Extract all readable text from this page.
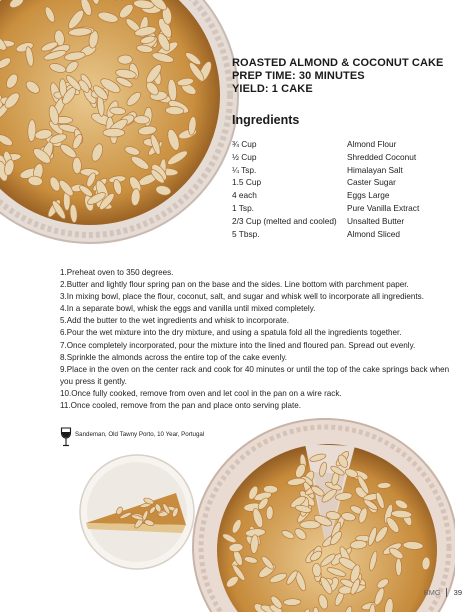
ROASTED ALMOND & COCONUT CAKE
PREP TIME: 30 MINUTES
YIELD: 1 CAKE
Ingredients
¾ Cup	Almond Flour
½ Cup	Shredded Coconut
¼ Tsp.	Himalayan Salt
1.5 Cup	Caster Sugar
4 each	Eggs Large
1 Tsp.	Pure Vanilla Extract
2/3 Cup (melted and cooled)	Unsalted Butter
5 Tbsp.	Almond Sliced
1.Preheat oven to 350 degrees.
2.Butter and lightly flour spring pan on the base and the sides. Line bottom with parchment paper.
3.In mixing bowl, place the flour, coconut, salt, and sugar and whisk well to incorporate all ingredients.
4.In a separate bowl, whisk the eggs and vanilla until mixed completely.
5.Add the butter to the wet ingredients and whisk to incorporate.
6.Pour the wet mixture into the dry mixture, and using a spatula fold all the ingredients together.
7.Once completely incorporated, pour the mixture into the lined and floured pan. Spread out evenly.
8.Sprinkle the almonds across the entire top of the cake evenly.
9.Place in the oven on the center rack and cook for 40 minutes or until the top of the cake springs back when you press it gently.
10.Once fully cooked, remove from oven and let cool in the pan on a wire rack.
11.Once cooled, remove from the pan and place onto serving plate.
Sandeman, Old Tawny Porto, 10 Year, Portugal
BMG 39
